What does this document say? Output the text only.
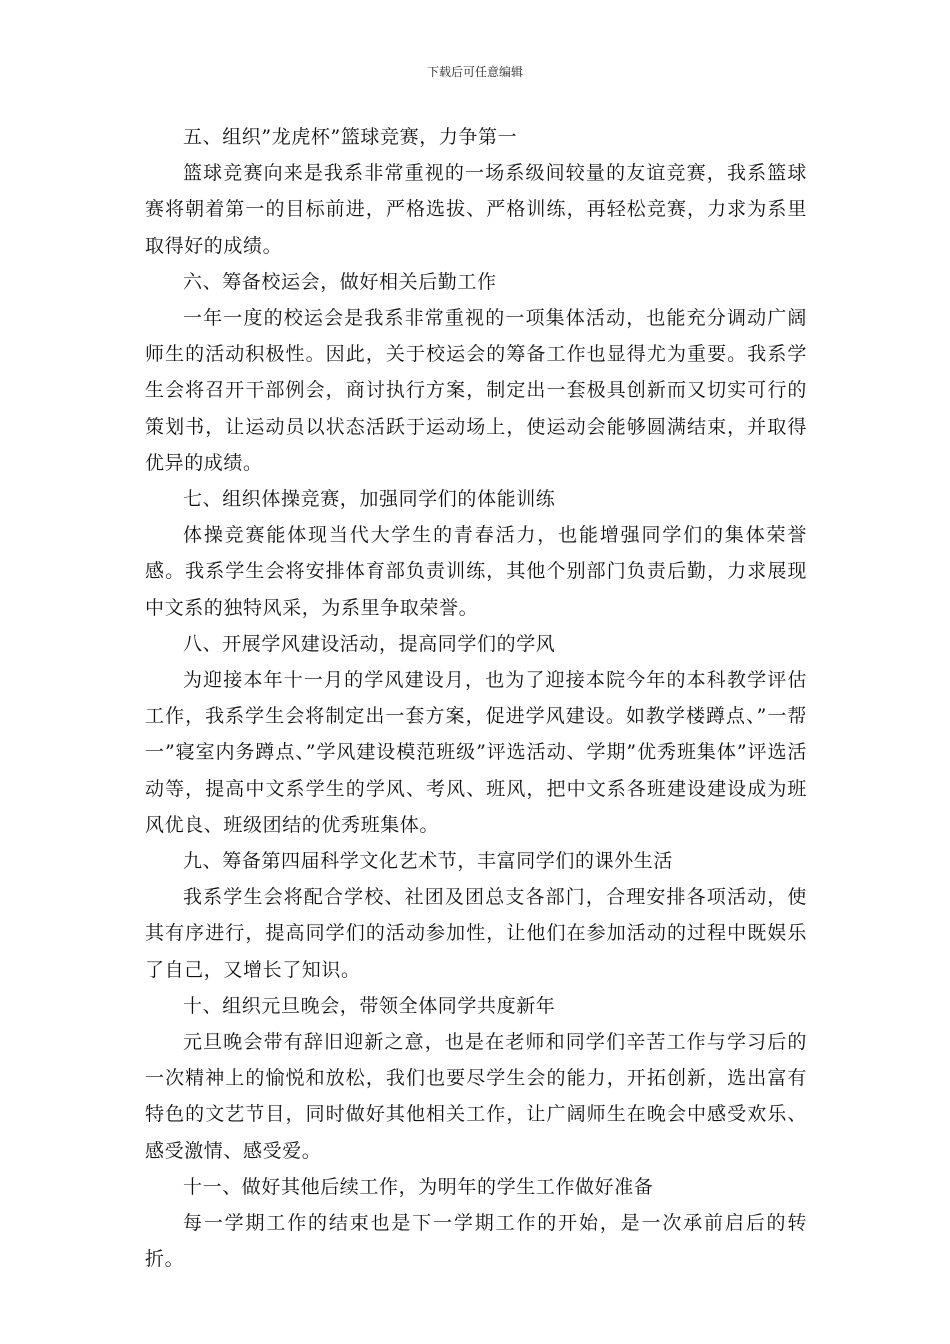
下载后可任意编辑

五、组织”龙虎杯”篮球竞赛，力争第一

篮球竞赛向来是我系非常重视的一场系级间较量的友谊竞赛，我系篮球赛将朝着第一的目标前进，严格选拔、严格训练，再轻松竞赛，力求为系里取得好的成绩。

六、筹备校运会，做好相关后勤工作

一年一度的校运会是我系非常重视的一项集体活动，也能充分调动广阔师生的活动积极性。因此，关于校运会的筹备工作也显得尤为重要。我系学生会将召开干部例会，商讨执行方案，制定出一套极具创新而又切实可行的策划书，让运动员以状态活跃于运动场上，使运动会能够圆满结束，并取得优异的成绩。

七、组织体操竞赛，加强同学们的体能训练

体操竞赛能体现当代大学生的青春活力，也能增强同学们的集体荣誉感。我系学生会将安排体育部负责训练，其他个别部门负责后勤，力求展现中文系的独特风采，为系里争取荣誉。

八、开展学风建设活动，提高同学们的学风

为迎接本年十一月的学风建设月，也为了迎接本院今年的本科教学评估工作，我系学生会将制定出一套方案，促进学风建设。如教学楼蹲点、”一帮一”寝室内务蹲点、”学风建设模范班级”评选活动、学期”优秀班集体”评选活动等，提高中文系学生的学风、考风、班风，把中文系各班建设建设成为班风优良、班级团结的优秀班集体。

九、筹备第四届科学文化艺术节，丰富同学们的课外生活

我系学生会将配合学校、社团及团总支各部门，合理安排各项活动，使其有序进行，提高同学们的活动参加性，让他们在参加活动的过程中既娱乐了自己，又增长了知识。

十、组织元旦晚会，带领全体同学共度新年

元旦晚会带有辞旧迎新之意，也是在老师和同学们辛苦工作与学习后的一次精神上的愉悦和放松，我们也要尽学生会的能力，开拓创新，选出富有特色的文艺节目，同时做好其他相关工作，让广阔师生在晚会中感受欢乐、感受激情、感受爱。

十一、做好其他后续工作，为明年的学生工作做好准备

每一学期工作的结束也是下一学期工作的开始，是一次承前启后的转折。
